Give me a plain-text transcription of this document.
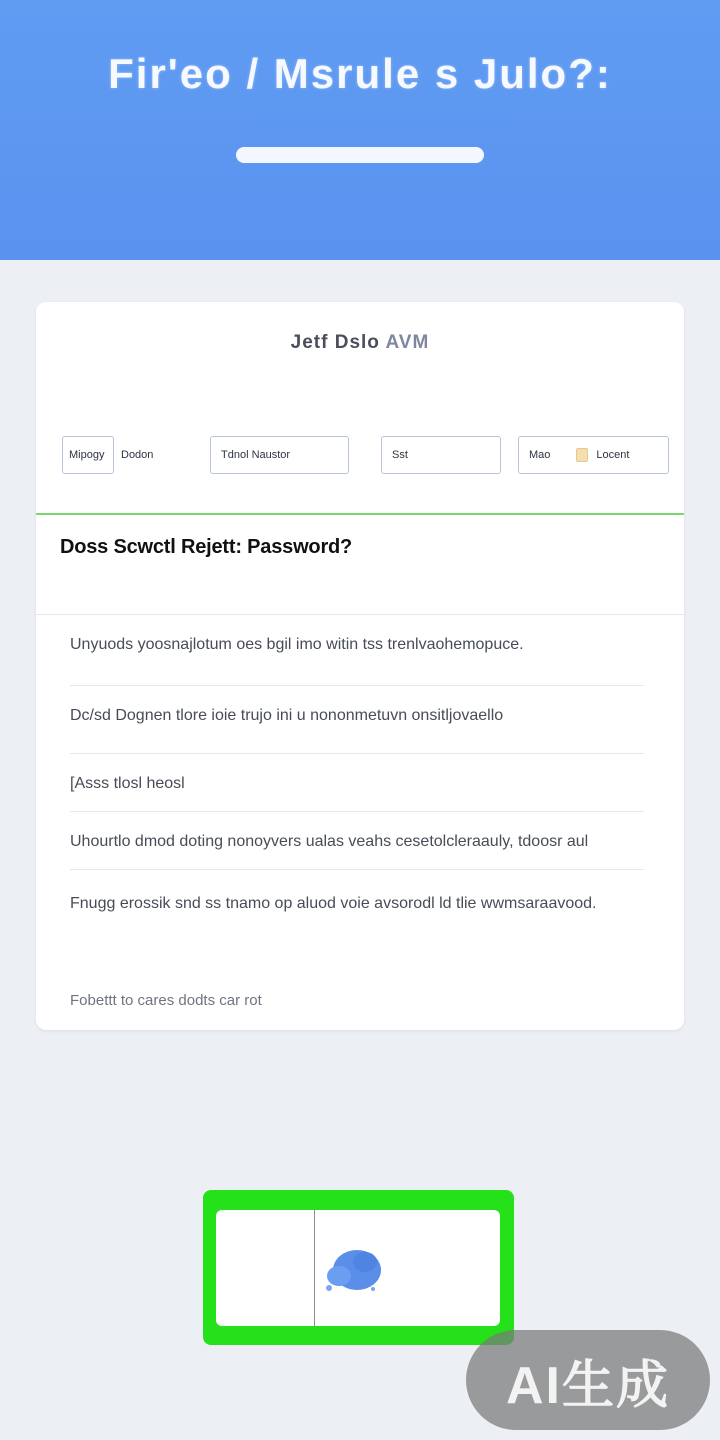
Fir'eo / Msrule s Julo?:
Jetf Dslo AVM
Mipogy Dodon	Tdnol Naustor	Sst	Mao	Locent
Doss Scwctl Rejett: Password?
Unyuods yoosnajlotum oes bgil imo witin tss trenlvaohemopuce.
Dc/sd Dognen tlore ioie trujo ini u nononmetuvn onsitljovaello
[Asss tlosl heosl
Uhourtlo dmod doting nonoyvers ualas veahs cesetolcleraauly, tdoosr aul
Fnugg erossik snd ss tnamo op aluod voie avsorodl ld tlie wwmsaraavood.
Fobettt to cares dodts car rot
AI生成
